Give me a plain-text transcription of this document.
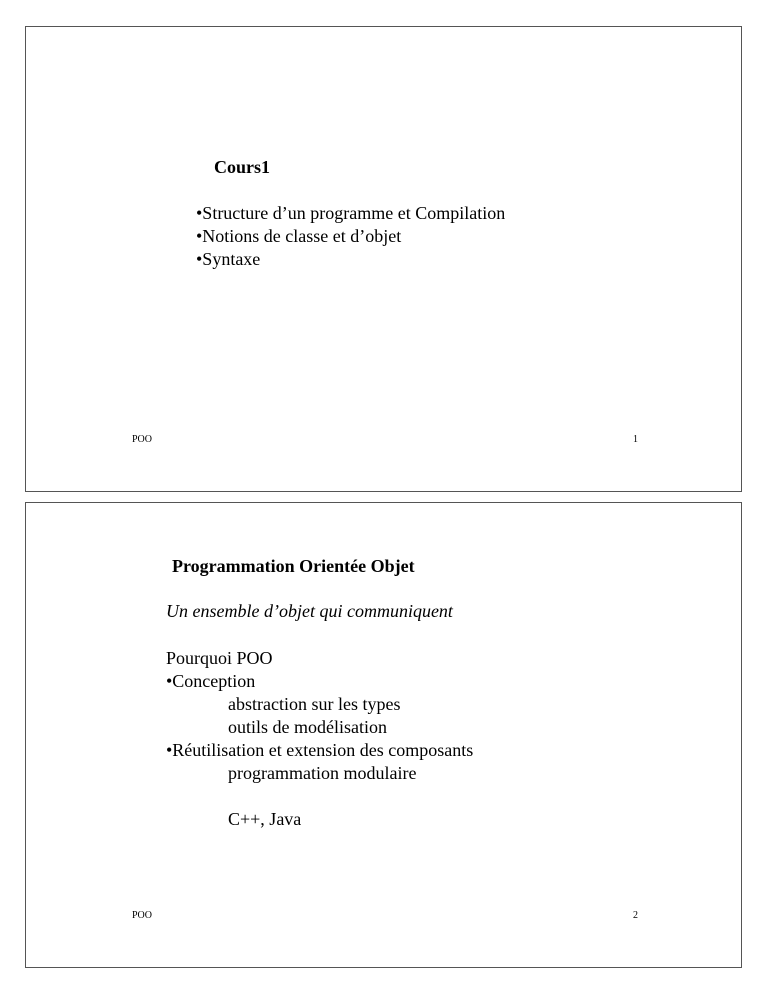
Cours1
•Structure d’un programme et Compilation
•Notions de classe et d’objet
•Syntaxe
POO	1
Programmation Orientée Objet
Un ensemble d’objet qui communiquent
Pourquoi POO
•Conception
abstraction sur les types
outils de modélisation
•Réutilisation et extension des composants
programmation modulaire
C++, Java
POO	2
